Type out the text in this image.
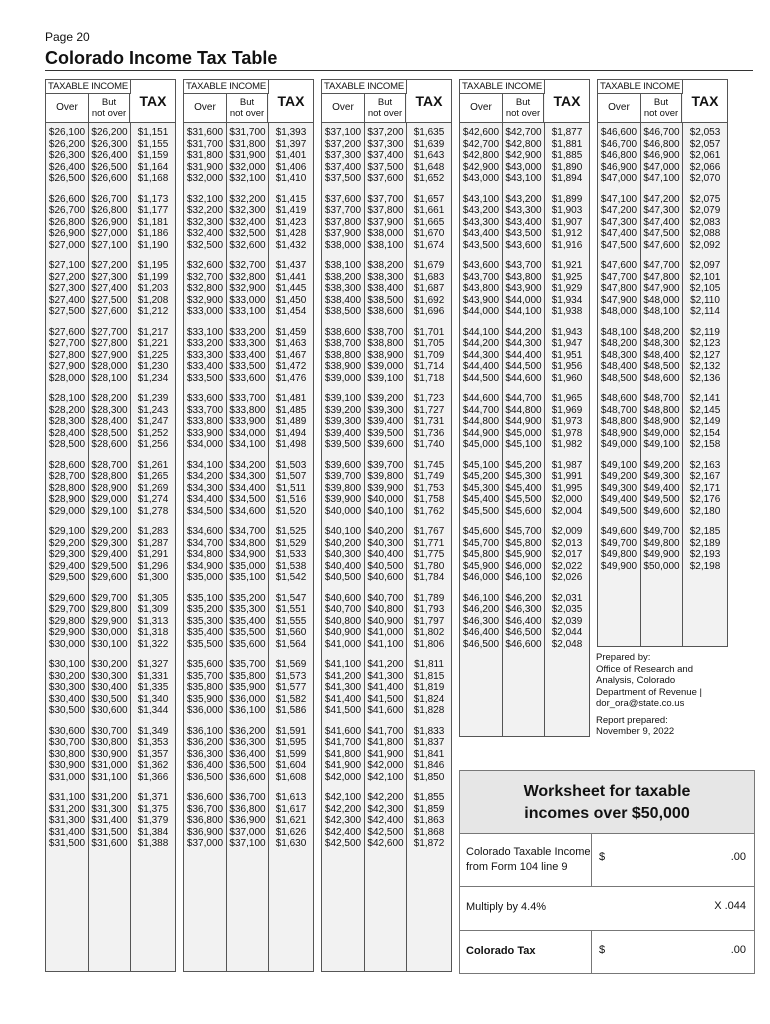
Page 20
Colorado Income Tax Table
TAXABLE INCOME
Over	But
not over
TAX
$26,100 $26,200	$1,151
$26,200 $26,300	$1,155
$26,300 $26,400	$1,159
$26,400 $26,500	$1,164
$26,500 $26,600	$1,168
$26,600 $26,700	$1,173
$26,700 $26,800	$1,177
$26,800 $26,900	$1,181
$26,900 $27,000	$1,186
$27,000 $27,100	$1,190
$27,100 $27,200	$1,195
$27,200 $27,300	$1,199
$27,300 $27,400	$1,203
$27,400 $27,500	$1,208
$27,500 $27,600	$1,212
$27,600 $27,700	$1,217
$27,700 $27,800	$1,221
$27,800 $27,900	$1,225
$27,900 $28,000	$1,230
$28,000 $28,100	$1,234
$28,100 $28,200	$1,239
$28,200 $28,300	$1,243
$28,300 $28,400	$1,247
$28,400 $28,500	$1,252
$28,500 $28,600	$1,256
$28,600 $28,700	$1,261
$28,700 $28,800	$1,265
$28,800 $28,900	$1,269
$28,900 $29,000	$1,274
$29,000 $29,100	$1,278
$29,100 $29,200	$1,283
$29,200 $29,300	$1,287
$29,300 $29,400	$1,291
$29,400 $29,500	$1,296
$29,500 $29,600	$1,300
$29,600 $29,700	$1,305
$29,700 $29,800	$1,309
$29,800 $29,900	$1,313
$29,900 $30,000	$1,318
$30,000 $30,100	$1,322
$30,100 $30,200	$1,327
$30,200 $30,300	$1,331
$30,300 $30,400	$1,335
$30,400 $30,500	$1,340
$30,500 $30,600	$1,344
$30,600 $30,700	$1,349
$30,700 $30,800	$1,353
$30,800 $30,900	$1,357
$30,900 $31,000	$1,362
$31,000 $31,100	$1,366
$31,100 $31,200	$1,371
$31,200 $31,300	$1,375
$31,300 $31,400	$1,379
$31,400 $31,500	$1,384
$31,500 $31,600	$1,388
TAXABLE INCOME
Over	But
not over
TAX
$31,600 $31,700	$1,393
$31,700 $31,800	$1,397
$31,800 $31,900	$1,401
$31,900 $32,000	$1,406
$32,000 $32,100	$1,410
$32,100 $32,200	$1,415
$32,200 $32,300	$1,419
$32,300 $32,400	$1,423
$32,400 $32,500	$1,428
$32,500 $32,600	$1,432
$32,600 $32,700	$1,437
$32,700 $32,800	$1,441
$32,800 $32,900	$1,445
$32,900 $33,000	$1,450
$33,000 $33,100	$1,454
$33,100 $33,200	$1,459
$33,200 $33,300	$1,463
$33,300 $33,400	$1,467
$33,400 $33,500	$1,472
$33,500 $33,600	$1,476
$33,600 $33,700	$1,481
$33,700 $33,800	$1,485
$33,800 $33,900	$1,489
$33,900 $34,000	$1,494
$34,000 $34,100	$1,498
$34,100 $34,200	$1,503
$34,200 $34,300	$1,507
$34,300 $34,400	$1,511
$34,400 $34,500	$1,516
$34,500 $34,600	$1,520
$34,600 $34,700	$1,525
$34,700 $34,800	$1,529
$34,800 $34,900	$1,533
$34,900 $35,000	$1,538
$35,000 $35,100	$1,542
$35,100 $35,200	$1,547
$35,200 $35,300	$1,551
$35,300 $35,400	$1,555
$35,400 $35,500	$1,560
$35,500 $35,600	$1,564
$35,600 $35,700	$1,569
$35,700 $35,800	$1,573
$35,800 $35,900	$1,577
$35,900 $36,000	$1,582
$36,000 $36,100	$1,586
$36,100 $36,200	$1,591
$36,200 $36,300	$1,595
$36,300 $36,400	$1,599
$36,400 $36,500	$1,604
$36,500 $36,600	$1,608
$36,600 $36,700	$1,613
$36,700 $36,800	$1,617
$36,800 $36,900	$1,621
$36,900 $37,000	$1,626
$37,000 $37,100	$1,630
TAXABLE INCOME
Over	But
not over
TAX
$37,100 $37,200	$1,635
$37,200 $37,300	$1,639
$37,300 $37,400	$1,643
$37,400 $37,500	$1,648
$37,500 $37,600	$1,652
$37,600 $37,700	$1,657
$37,700 $37,800	$1,661
$37,800 $37,900	$1,665
$37,900 $38,000	$1,670
$38,000 $38,100	$1,674
$38,100 $38,200	$1,679
$38,200 $38,300	$1,683
$38,300 $38,400	$1,687
$38,400 $38,500	$1,692
$38,500 $38,600	$1,696
$38,600 $38,700	$1,701
$38,700 $38,800	$1,705
$38,800 $38,900	$1,709
$38,900 $39,000	$1,714
$39,000 $39,100	$1,718
$39,100 $39,200	$1,723
$39,200 $39,300	$1,727
$39,300 $39,400	$1,731
$39,400 $39,500	$1,736
$39,500 $39,600	$1,740
$39,600 $39,700	$1,745
$39,700 $39,800	$1,749
$39,800 $39,900	$1,753
$39,900 $40,000	$1,758
$40,000 $40,100	$1,762
$40,100 $40,200	$1,767
$40,200 $40,300	$1,771
$40,300 $40,400	$1,775
$40,400 $40,500	$1,780
$40,500 $40,600	$1,784
$40,600 $40,700	$1,789
$40,700 $40,800	$1,793
$40,800 $40,900	$1,797
$40,900 $41,000	$1,802
$41,000 $41,100	$1,806
$41,100 $41,200	$1,811
$41,200 $41,300	$1,815
$41,300 $41,400	$1,819
$41,400 $41,500	$1,824
$41,500 $41,600	$1,828
$41,600 $41,700	$1,833
$41,700 $41,800	$1,837
$41,800 $41,900	$1,841
$41,900 $42,000	$1,846
$42,000 $42,100	$1,850
$42,100 $42,200	$1,855
$42,200 $42,300	$1,859
$42,300 $42,400	$1,863
$42,400 $42,500	$1,868
$42,500 $42,600	$1,872
TAXABLE INCOME
Over	But
not over
TAX
$42,600 $42,700	$1,877
$42,700 $42,800	$1,881
$42,800 $42,900	$1,885
$42,900 $43,000	$1,890
$43,000 $43,100	$1,894
$43,100 $43,200	$1,899
$43,200 $43,300	$1,903
$43,300 $43,400	$1,907
$43,400 $43,500	$1,912
$43,500 $43,600	$1,916
$43,600 $43,700	$1,921
$43,700 $43,800	$1,925
$43,800 $43,900	$1,929
$43,900 $44,000	$1,934
$44,000 $44,100	$1,938
$44,100 $44,200	$1,943
$44,200 $44,300	$1,947
$44,300 $44,400	$1,951
$44,400 $44,500	$1,956
$44,500 $44,600	$1,960
$44,600 $44,700	$1,965
$44,700 $44,800	$1,969
$44,800 $44,900	$1,973
$44,900 $45,000	$1,978
$45,000 $45,100	$1,982
$45,100 $45,200	$1,987
$45,200 $45,300	$1,991
$45,300 $45,400	$1,995
$45,400 $45,500	$2,000
$45,500 $45,600	$2,004
$45,600 $45,700	$2,009
$45,700 $45,800	$2,013
$45,800 $45,900	$2,017
$45,900 $46,000	$2,022
$46,000 $46,100	$2,026
$46,100 $46,200	$2,031
$46,200 $46,300	$2,035
$46,300 $46,400	$2,039
$46,400 $46,500	$2,044
$46,500 $46,600	$2,048
TAXABLE INCOME
Over	But
not over
TAX
$46,600 $46,700	$2,053
$46,700 $46,800	$2,057
$46,800 $46,900	$2,061
$46,900 $47,000	$2,066
$47,000 $47,100	$2,070
$47,100 $47,200	$2,075
$47,200 $47,300	$2,079
$47,300 $47,400	$2,083
$47,400 $47,500	$2,088
$47,500 $47,600	$2,092
$47,600 $47,700	$2,097
$47,700 $47,800	$2,101
$47,800 $47,900	$2,105
$47,900 $48,000	$2,110
$48,000 $48,100	$2,114
$48,100 $48,200	$2,119
$48,200 $48,300	$2,123
$48,300 $48,400	$2,127
$48,400 $48,500	$2,132
$48,500 $48,600	$2,136
$48,600 $48,700	$2,141
$48,700 $48,800	$2,145
$48,800 $48,900	$2,149
$48,900 $49,000	$2,154
$49,000 $49,100	$2,158
$49,100 $49,200	$2,163
$49,200 $49,300	$2,167
$49,300 $49,400	$2,171
$49,400 $49,500	$2,176
$49,500 $49,600	$2,180
$49,600 $49,700	$2,185
$49,700 $49,800	$2,189
$49,800 $49,900	$2,193
$49,900 $50,000	$2,198
Prepared by:
Office of Research and
Analysis, Colorado
Department of Revenue |
dor_ora@state.co.us
Report prepared:
November 9, 2022
Worksheet for taxable
incomes over $50,000
Colorado Taxable Income
from Form 104 line 9
$	.00
Multiply by 4.4%	X .044
Colorado Tax	$	.00
